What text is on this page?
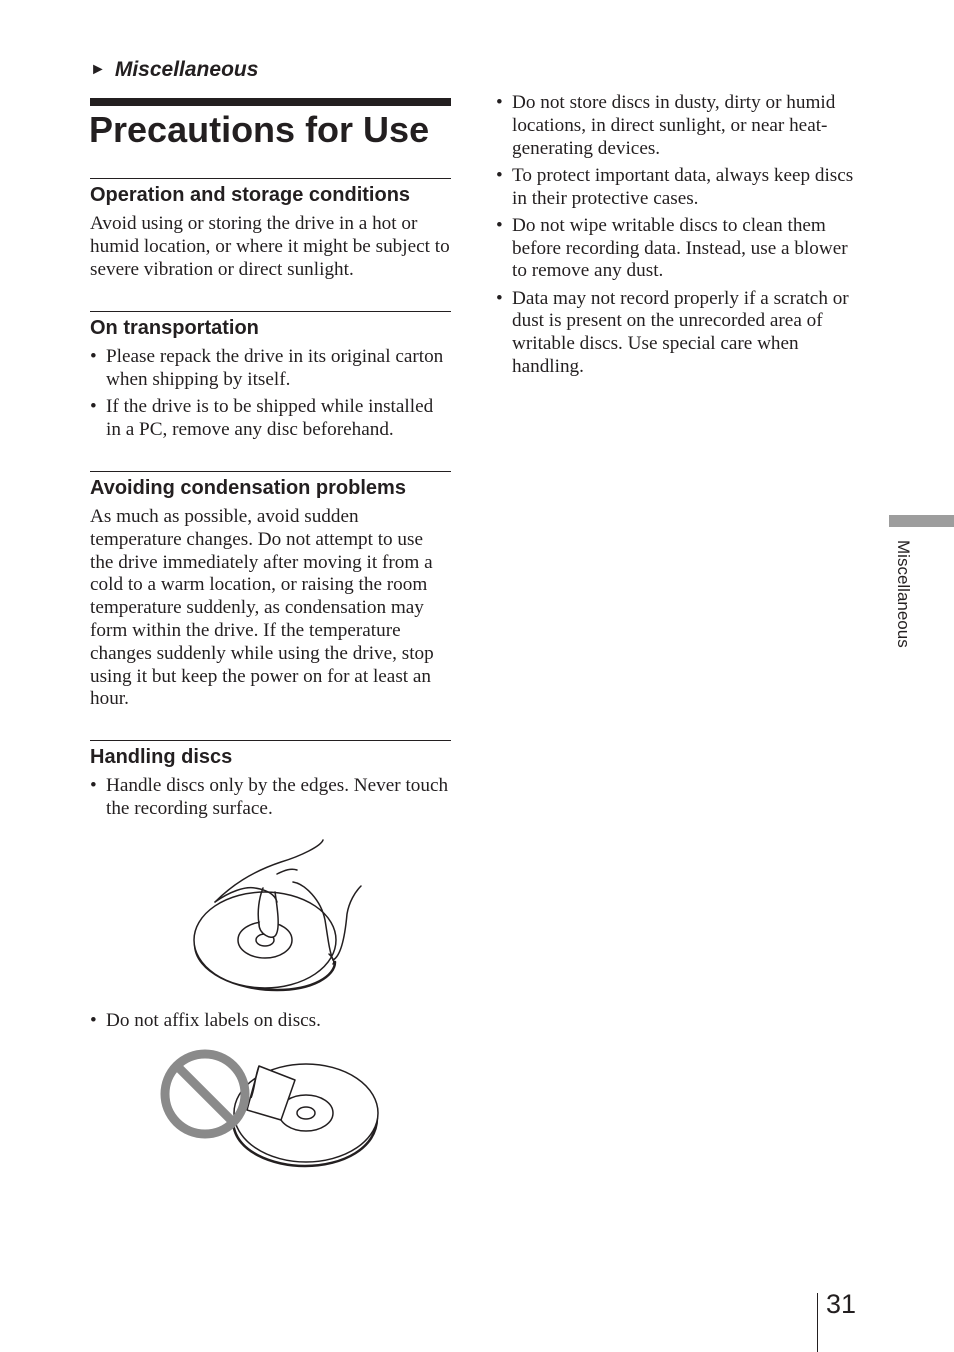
► Miscellaneous
Precautions for Use
Operation and storage conditions

Avoid using or storing the drive in a hot or humid location, or where it might be subject to severe vibration or direct sunlight.

On transportation
• Please repack the drive in its original carton when shipping by itself.
• If the drive is to be shipped while installed in a PC, remove any disc beforehand.
Avoiding condensation problems

As much as possible, avoid sudden temperature changes. Do not attempt to use the drive immediately after moving it from a cold to a warm location, or raising the room temperature suddenly, as condensation may form within the drive. If the temperature changes suddenly while using the drive, stop using it but keep the power on for at least an hour.

Handling discs
• Handle discs only by the edges. Never touch the recording surface.
• Do not affix labels on discs.
• Do not store discs in dusty, dirty or humid locations, in direct sunlight, or near heat-generating devices.
• To protect important data, always keep discs in their protective cases.
• Do not wipe writable discs to clean them before recording data. Instead, use a blower to remove any dust.
• Data may not record properly if a scratch or dust is present on the unrecorded area of writable discs. Use special care when handling.
Miscellaneous
31
